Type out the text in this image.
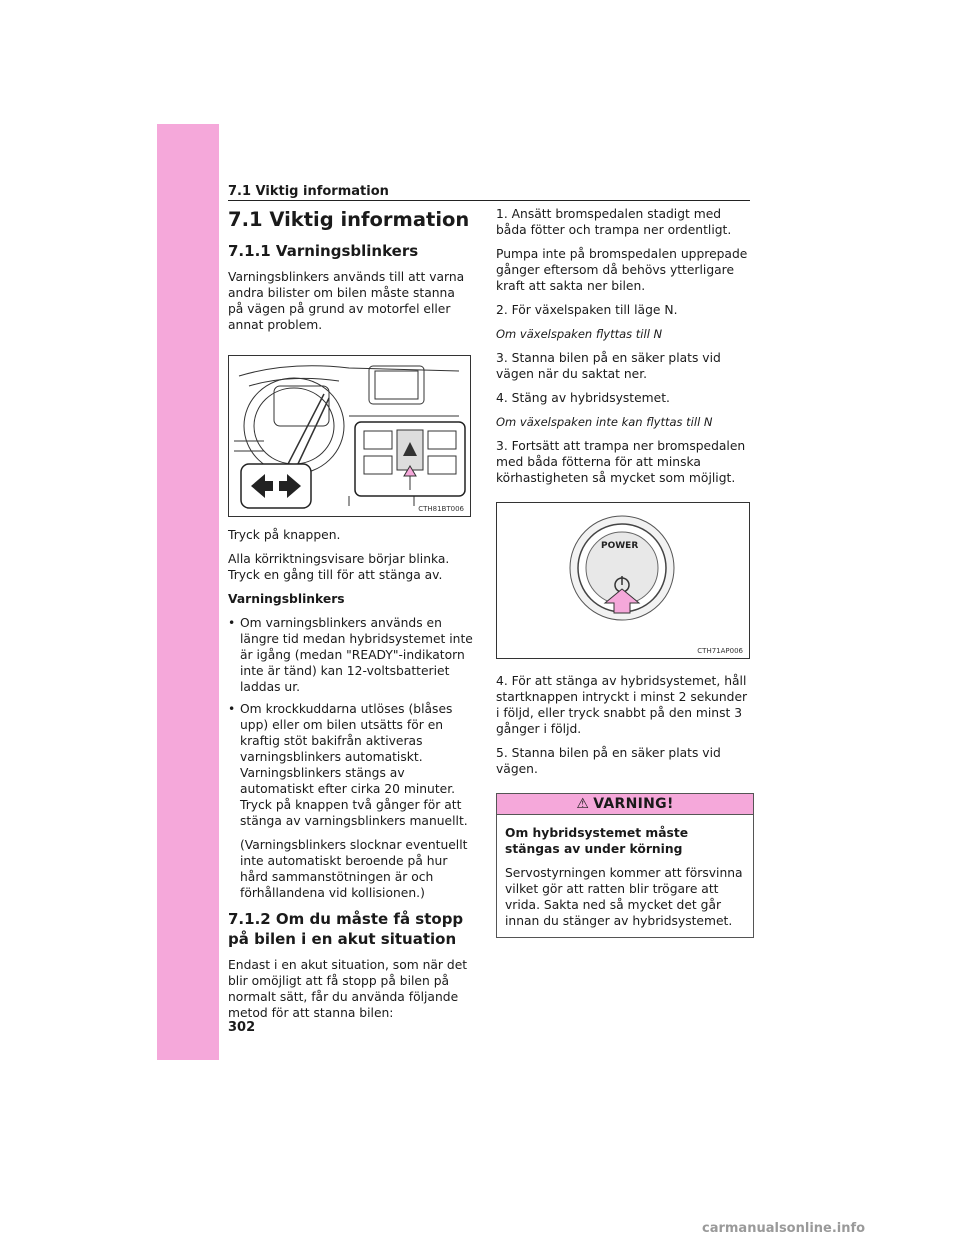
7.1 Viktig information
7.1 Viktig information
7.1.1 Varningsblinkers

Varningsblinkers används till att varna andra bilister om bilen måste stanna på vägen på grund av motorfel eller annat problem.

CTH81BT006

Tryck på knappen.

Alla körriktningsvisare börjar blinka. Tryck en gång till för att stänga av.

Varningsblinkers

• Om varningsblinkers används en längre tid medan hybridsystemet inte är igång (medan "READY"-indikatorn inte är tänd) kan 12-voltsbatteriet laddas ur.
• Om krockkuddarna utlöses (blåses upp) eller om bilen utsätts för en kraftig stöt bakifrån aktiveras varningsblinkers automatiskt. Varningsblinkers stängs av automatiskt efter cirka 20 minuter. Tryck på knappen två gånger för att stänga av varningsblinkers manuellt.

(Varningsblinkers slocknar eventuellt inte automatiskt beroende på hur hård sammanstötningen är och förhållandena vid kollisionen.)

7.1.2 Om du måste få stopp på bilen i en akut situation

Endast i en akut situation, som när det blir omöjligt att få stopp på bilen på normalt sätt, får du använda följande metod för att stanna bilen:

1. Ansätt bromspedalen stadigt med båda fötter och trampa ner ordentligt.

Pumpa inte på bromspedalen upprepade gånger eftersom då behövs ytterligare kraft att sakta ner bilen.

2. För växelspaken till läge N.

Om växelspaken flyttas till N

3. Stanna bilen på en säker plats vid vägen när du saktat ner.

4. Stäng av hybridsystemet.

Om växelspaken inte kan flyttas till N

3. Fortsätt att trampa ner bromspedalen med båda fötterna för att minska körhastigheten så mycket som möjligt.

POWER
CTH71AP006

4. För att stänga av hybridsystemet, håll startknappen intryckt i minst 2 sekunder i följd, eller tryck snabbt på den minst 3 gånger i följd.

5. Stanna bilen på en säker plats vid vägen.

⚠ VARNING!

Om hybridsystemet måste stängas av under körning

Servostyrningen kommer att försvinna vilket gör att ratten blir trögare att vrida. Sakta ned så mycket det går innan du stänger av hybridsystemet.

302
carmanualsonline.info
